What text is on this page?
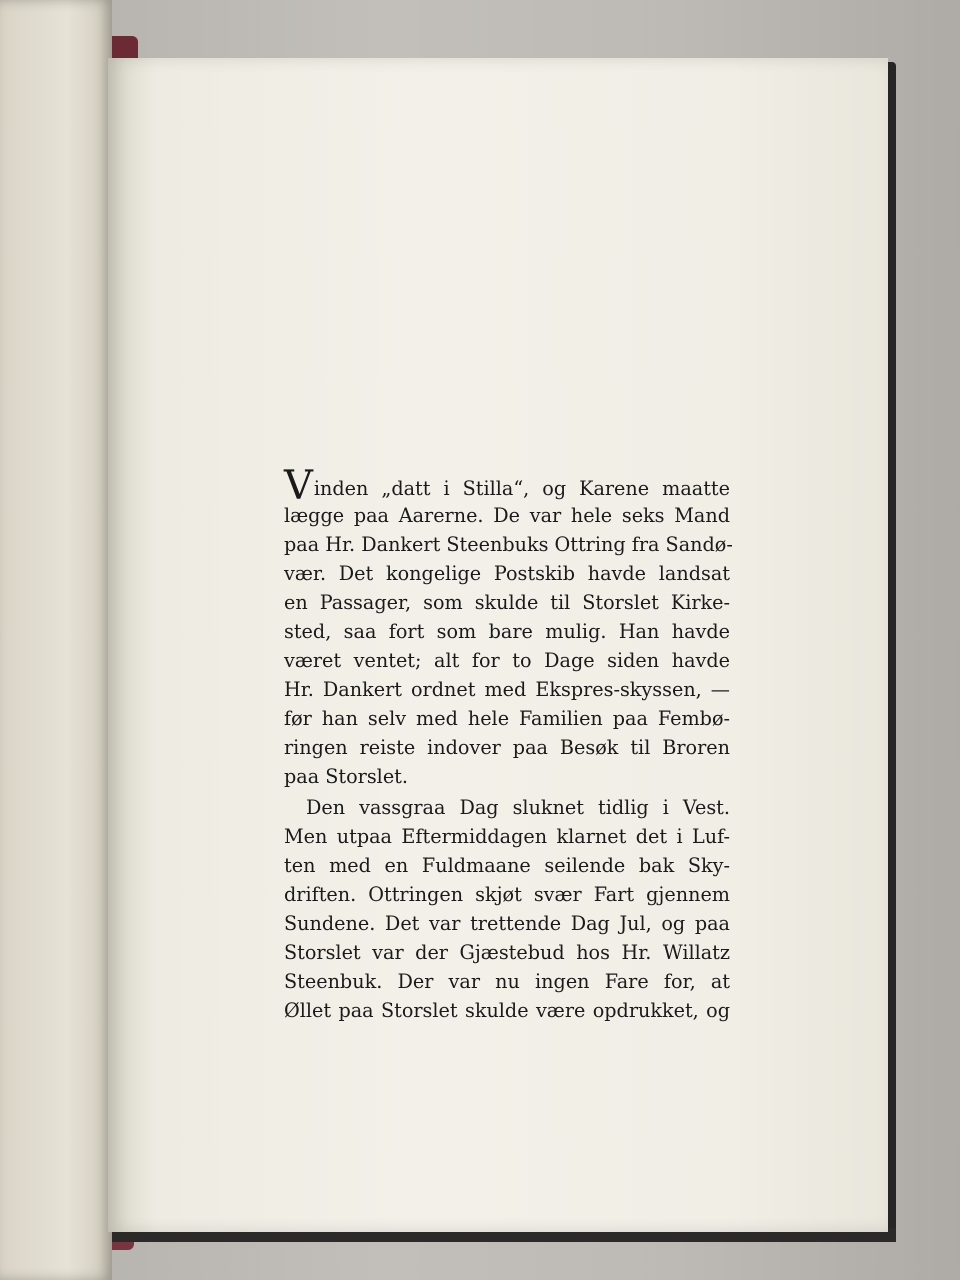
Vinden „datt i Stilla“, og Karene maatte
lægge paa Aarerne. De var hele seks Mand
paa Hr. Dankert Steenbuks Ottring fra Sandø-
vær. Det kongelige Postskib havde landsat
en Passager, som skulde til Storslet Kirke-
sted, saa fort som bare mulig. Han havde
været ventet; alt for to Dage siden havde
Hr. Dankert ordnet med Ekspres-skyssen, —
før han selv med hele Familien paa Fembø-
ringen reiste indover paa Besøk til Broren
paa Storslet.
Den vassgraa Dag sluknet tidlig i Vest.
Men utpaa Eftermiddagen klarnet det i Luf-
ten med en Fuldmaane seilende bak Sky-
driften. Ottringen skjøt svær Fart gjennem
Sundene. Det var trettende Dag Jul, og paa
Storslet var der Gjæstebud hos Hr. Willatz
Steenbuk. Der var nu ingen Fare for, at
Øllet paa Storslet skulde være opdrukket, og
